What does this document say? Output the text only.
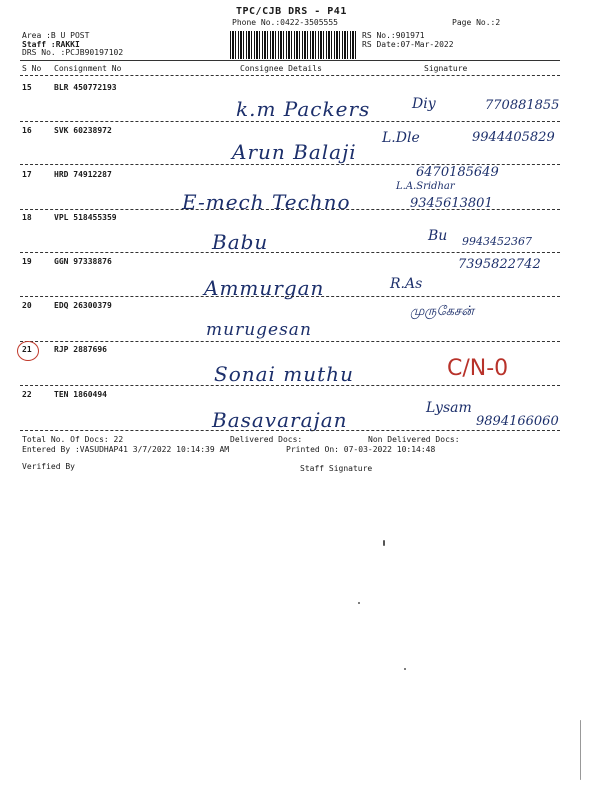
TPC/CJB DRS - P41
Phone No.:0422-3505555	Page No.:2
Area :B U POST
Staff :RAKKI
DRS No. :PCJB90197102
RS No.:901971
RS Date:07-Mar-2022
S No Consignment No	Consignee Details	Signature
15	BLR 450772193
k.m Packers	Diy	770881855
16	SVK 60238972
Arun Balaji
L.Dle	9944405829
17	HRD 74912287
E-mech Techno
6470185649
L.A.Sridhar
9345613801
18	VPL 518455359
Babu	Bu 9943452367
19	GGN 97338876
Ammurgan
7395822742
R.As
20	EDQ 26300379
murugesan
முருகேசன்
21	RJP 2887696
Sonai muthu	C/N-0
22	TEN 1860494
Basavarajan	Lysam
9894166060
Total No. Of Docs: 22	Delivered Docs:	Non Delivered Docs:
Entered By :VASUDHAP41 3/7/2022 10:14:39 AM	Printed On: 07-03-2022 10:14:48
Verified By	Staff Signature
